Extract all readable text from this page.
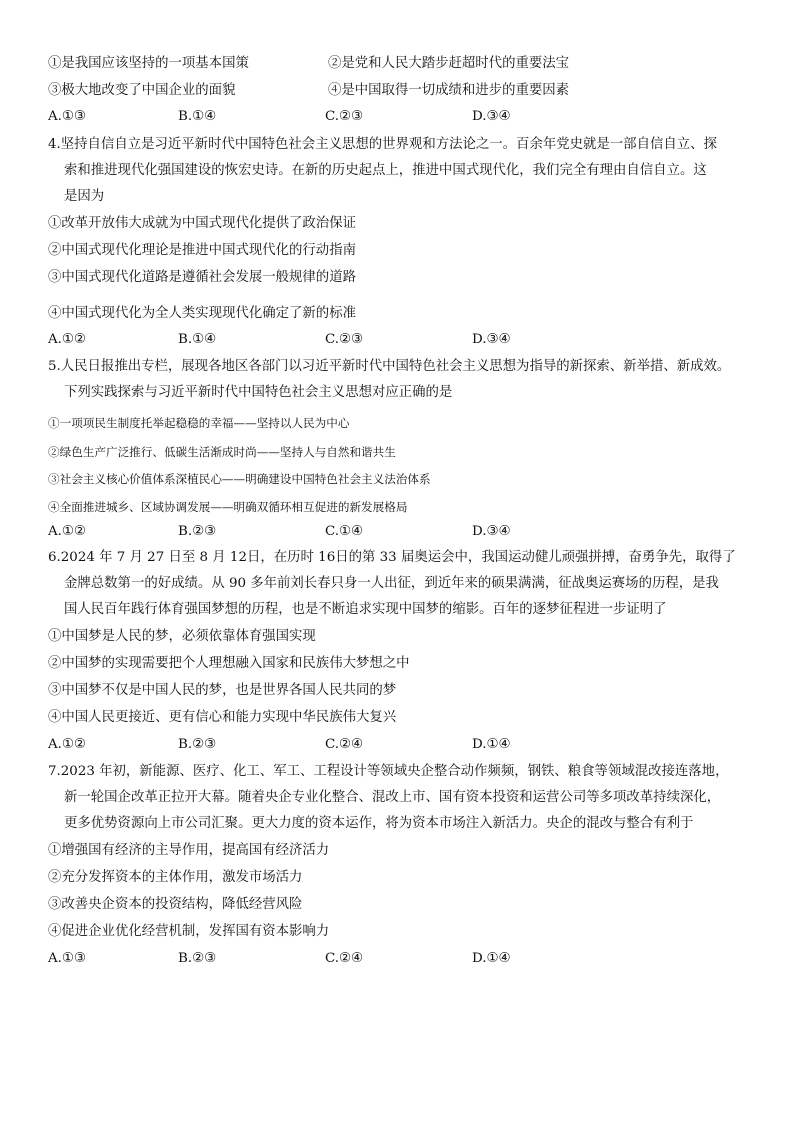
①是我国应该坚持的一项基本国策	②是党和人民大踏步赶超时代的重要法宝
③极大地改变了中国企业的面貌	④是中国取得一切成绩和进步的重要因素
A.①③	B.①④	C.②③	D.③④
4.坚持自信自立是习近平新时代中国特色社会主义思想的世界观和方法论之一。百余年党史就是一部自信自立、探
索和推进现代化强国建设的恢宏史诗。在新的历史起点上，推进中国式现代化，我们完全有理由自信自立。这
是因为
①改革开放伟大成就为中国式现代化提供了政治保证
②中国式现代化理论是推进中国式现代化的行动指南
③中国式现代化道路是遵循社会发展一般规律的道路
④中国式现代化为全人类实现现代化确定了新的标准
A.①②	B.①④	C.②③	D.③④
5.人民日报推出专栏，展现各地区各部门以习近平新时代中国特色社会主义思想为指导的新探索、新举措、新成效。
下列实践探索与习近平新时代中国特色社会主义思想对应正确的是
①一项项民生制度托举起稳稳的幸福——坚持以人民为中心
②绿色生产广泛推行、低碳生活渐成时尚——坚持人与自然和谐共生
③社会主义核心价值体系深植民心——明确建设中国特色社会主义法治体系
④全面推进城乡、区域协调发展——明确双循环相互促进的新发展格局
A.①②	B.②③	C.①④	D.③④
6.2024 年 7 月 27 日至 8 月 12日，在历时 16日的第 33 届奥运会中，我国运动健儿顽强拼搏，奋勇争先，取得了
金牌总数第一的好成绩。从 90 多年前刘长春只身一人出征，到近年来的硕果满满，征战奥运赛场的历程，是我
国人民百年践行体育强国梦想的历程，也是不断追求实现中国梦的缩影。百年的逐梦征程进一步证明了
①中国梦是人民的梦，必须依靠体育强国实现
②中国梦的实现需要把个人理想融入国家和民族伟大梦想之中
③中国梦不仅是中国人民的梦，也是世界各国人民共同的梦
④中国人民更接近、更有信心和能力实现中华民族伟大复兴
A.①②	B.②③	C.②④	D.①④
7.2023 年初，新能源、医疗、化工、军工、工程设计等领域央企整合动作频频，钢铁、粮食等领域混改接连落地，
新一轮国企改革正拉开大幕。随着央企专业化整合、混改上市、国有资本投资和运营公司等多项改革持续深化，
更多优势资源向上市公司汇聚。更大力度的资本运作，将为资本市场注入新活力。央企的混改与整合有利于
①增强国有经济的主导作用，提高国有经济活力
②充分发挥资本的主体作用，激发市场活力
③改善央企资本的投资结构，降低经营风险
④促进企业优化经营机制，发挥国有资本影响力
A.①③	B.②③	C.②④	D.①④
